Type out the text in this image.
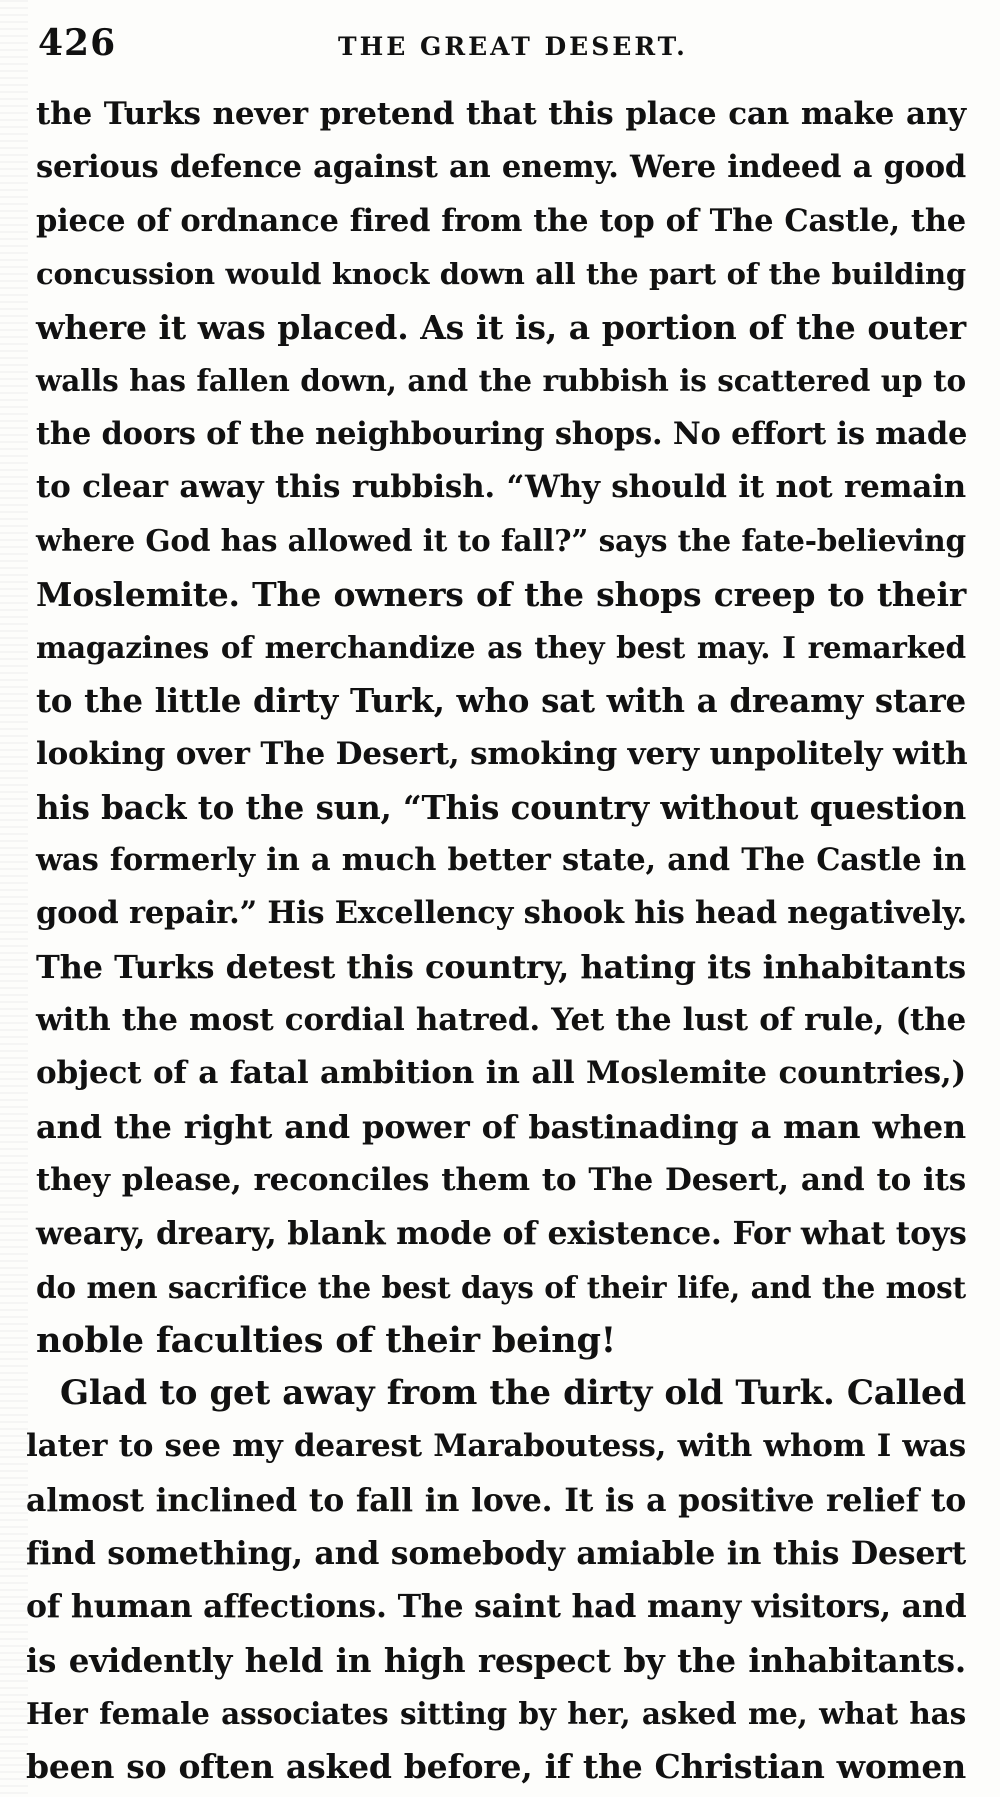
426	THE GREAT DESERT.
the Turks never pretend that this place can make any
serious defence against an enemy. Were indeed a good
piece of ordnance fired from the top of The Castle, the
concussion would knock down all the part of the building
where it was placed. As it is, a portion of the outer
walls has fallen down, and the rubbish is scattered up to
the doors of the neighbouring shops. No effort is made
to clear away this rubbish. “Why should it not remain
where God has allowed it to fall?” says the fate-believing
Moslemite. The owners of the shops creep to their
magazines of merchandize as they best may. I remarked
to the little dirty Turk, who sat with a dreamy stare
looking over The Desert, smoking very unpolitely with
his back to the sun, “This country without question
was formerly in a much better state, and The Castle in
good repair.” His Excellency shook his head negatively.
The Turks detest this country, hating its inhabitants
with the most cordial hatred. Yet the lust of rule, (the
object of a fatal ambition in all Moslemite countries,)
and the right and power of bastinading a man when
they please, reconciles them to The Desert, and to its
weary, dreary, blank mode of existence. For what toys
do men sacrifice the best days of their life, and the most
noble faculties of their being!
Glad to get away from the dirty old Turk. Called
later to see my dearest Maraboutess, with whom I was
almost inclined to fall in love. It is a positive relief to
find something, and somebody amiable in this Desert
of human affections. The saint had many visitors, and
is evidently held in high respect by the inhabitants.
Her female associates sitting by her, asked me, what has
been so often asked before, if the Christian women
